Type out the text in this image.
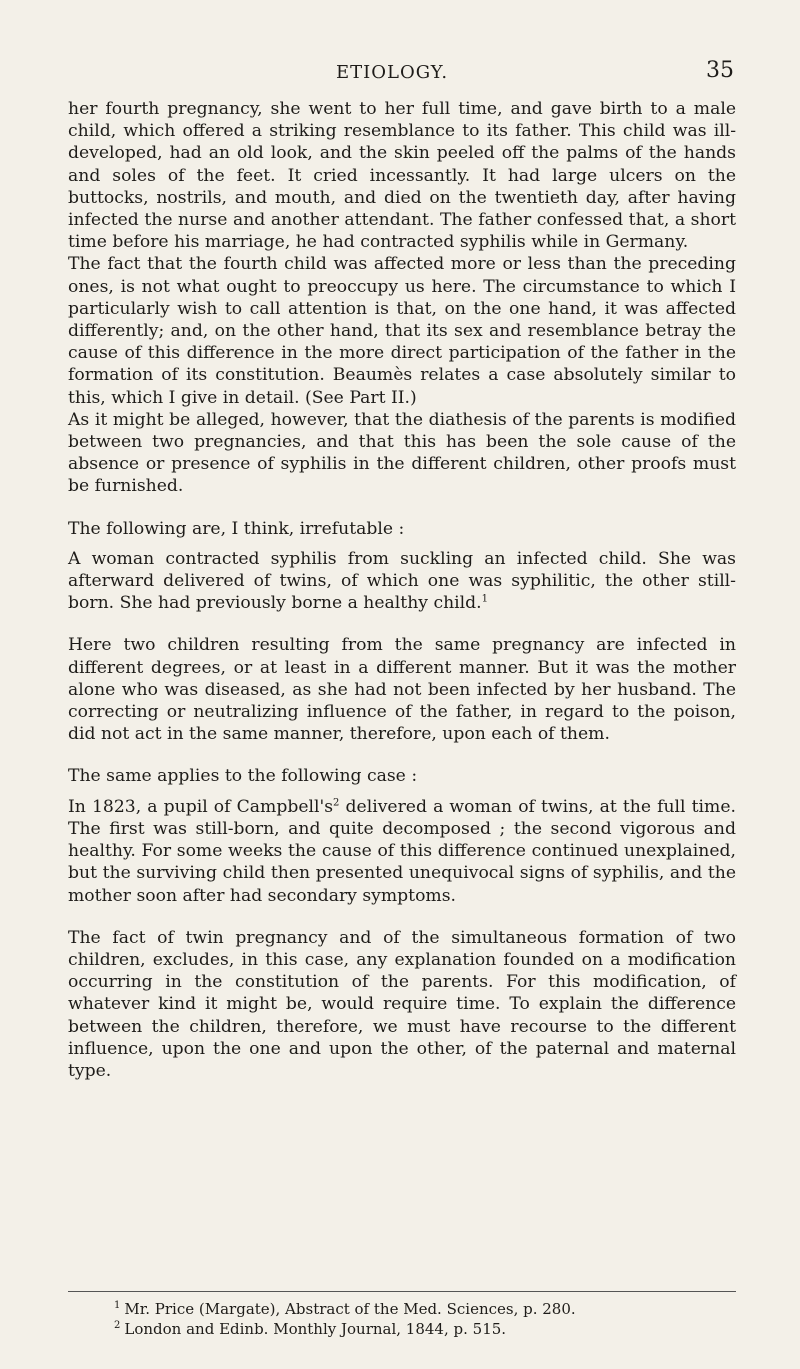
ETIOLOGY.	35

her fourth pregnancy, she went to her full time, and gave birth to a male child, which offered a striking resemblance to its father. This child was ill-developed, had an old look, and the skin peeled off the palms of the hands and soles of the feet. It cried incessantly. It had large ulcers on the buttocks, nostrils, and mouth, and died on the twentieth day, after having infected the nurse and another attendant. The father confessed that, a short time before his marriage, he had contracted syphilis while in Germany.

The fact that the fourth child was affected more or less than the preceding ones, is not what ought to preoccupy us here. The circumstance to which I particularly wish to call attention is that, on the one hand, it was affected differently; and, on the other hand, that its sex and resemblance betray the cause of this difference in the more direct participation of the father in the formation of its constitution. Beaumès relates a case absolutely similar to this, which I give in detail. (See Part II.)

As it might be alleged, however, that the diathesis of the parents is modified between two pregnancies, and that this has been the sole cause of the absence or presence of syphilis in the different children, other proofs must be furnished.

The following are, I think, irrefutable :

A woman contracted syphilis from suckling an infected child. She was afterward delivered of twins, of which one was syphilitic, the other still-born. She had previously borne a healthy child.$^1$

Here two children resulting from the same pregnancy are infected in different degrees, or at least in a different manner. But it was the mother alone who was diseased, as she had not been infected by her husband. The correcting or neutralizing influence of the father, in regard to the poison, did not act in the same manner, therefore, upon each of them.

The same applies to the following case :

In 1823, a pupil of Campbell's$^2$ delivered a woman of twins, at the full time. The first was still-born, and quite decomposed ; the second vigorous and healthy. For some weeks the cause of this difference continued unexplained, but the surviving child then presented unequivocal signs of syphilis, and the mother soon after had secondary symptoms.

The fact of twin pregnancy and of the simultaneous formation of two children, excludes, in this case, any explanation founded on a modification occurring in the constitution of the parents. For this modification, of whatever kind it might be, would require time. To explain the difference between the children, therefore, we must have recourse to the different influence, upon the one and upon the other, of the paternal and maternal type.

$^1$ Mr. Price (Margate), Abstract of the Med. Sciences, p. 280.
$^2$ London and Edinb. Monthly Journal, 1844, p. 515.
